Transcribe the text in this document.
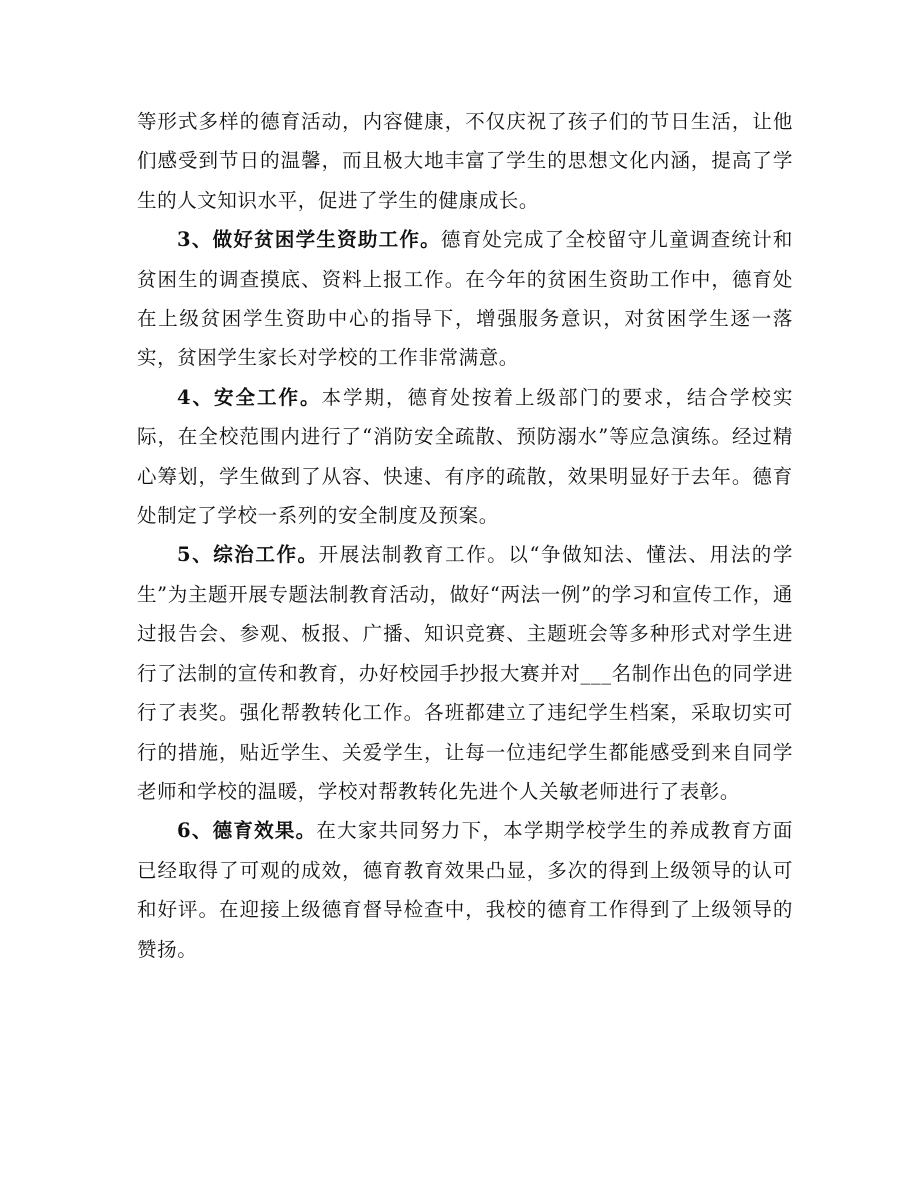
等形式多样的德育活动，内容健康，不仅庆祝了孩子们的节日生活，让他们感受到节日的温馨，而且极大地丰富了学生的思想文化内涵，提高了学生的人文知识水平，促进了学生的健康成长。

3、做好贫困学生资助工作。德育处完成了全校留守儿童调查统计和贫困生的调查摸底、资料上报工作。在今年的贫困生资助工作中，德育处在上级贫困学生资助中心的指导下，增强服务意识，对贫困学生逐一落实，贫困学生家长对学校的工作非常满意。

4、安全工作。本学期，德育处按着上级部门的要求，结合学校实际，在全校范围内进行了“消防安全疏散、预防溺水”等应急演练。经过精心筹划，学生做到了从容、快速、有序的疏散，效果明显好于去年。德育处制定了学校一系列的安全制度及预案。

5、综治工作。开展法制教育工作。以“争做知法、懂法、用法的学生”为主题开展专题法制教育活动，做好“两法一例”的学习和宣传工作，通过报告会、参观、板报、广播、知识竞赛、主题班会等多种形式对学生进行了法制的宣传和教育，办好校园手抄报大赛并对___名制作出色的同学进行了表奖。强化帮教转化工作。各班都建立了违纪学生档案，采取切实可行的措施，贴近学生、关爱学生，让每一位违纪学生都能感受到来自同学老师和学校的温暖，学校对帮教转化先进个人关敏老师进行了表彰。

6、德育效果。在大家共同努力下，本学期学校学生的养成教育方面已经取得了可观的成效，德育教育效果凸显，多次的得到上级领导的认可和好评。在迎接上级德育督导检查中，我校的德育工作得到了上级领导的赞扬。
